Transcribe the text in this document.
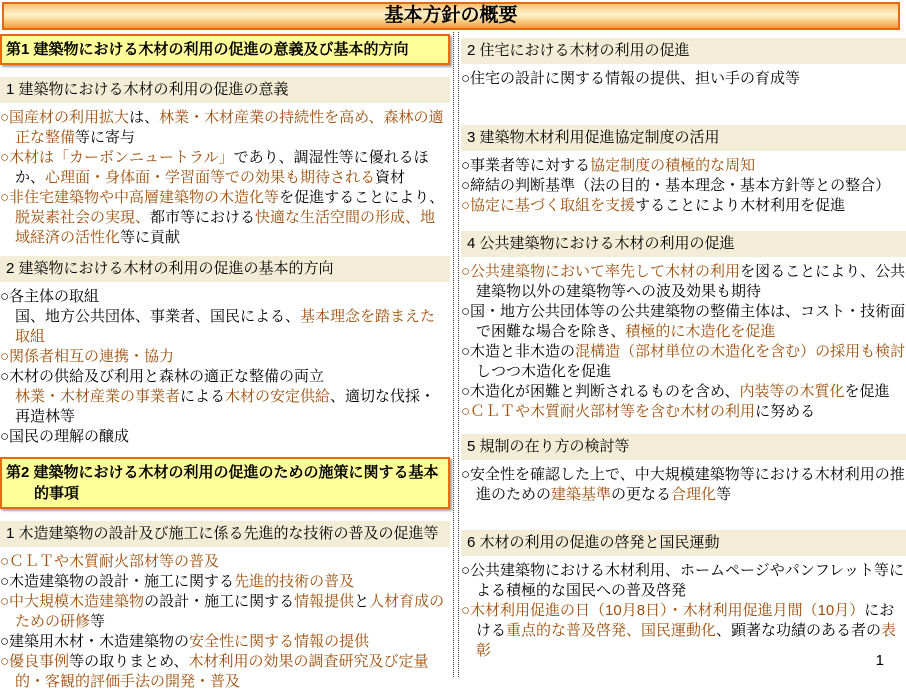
基本方針の概要
第1 建築物における木材の利用の促進の意義及び基本的方向
1 建築物における木材の利用の促進の意義
○国産材の利用拡大は、林業・木材産業の持続性を高め、森林の適正な整備等に寄与
○木材は「カーボンニュートラル」であり、調湿性等に優れるほか、心理面・身体面・学習面等での効果も期待される資材
○非住宅建築物や中高層建築物の木造化等を促進することにより、脱炭素社会の実現、都市等における快適な生活空間の形成、地域経済の活性化等に貢献
2 建築物における木材の利用の促進の基本的方向
○各主体の取組
国、地方公共団体、事業者、国民による、基本理念を踏まえた取組
○関係者相互の連携・協力
○木材の供給及び利用と森林の適正な整備の両立
林業・木材産業の事業者による木材の安定供給、適切な伐採・再造林等
○国民の理解の醸成
第2 建築物における木材の利用の促進のための施策に関する基本的事項
1 木造建築物の設計及び施工に係る先進的な技術の普及の促進等
○ＣＬＴや木質耐火部材等の普及
○木造建築物の設計・施工に関する先進的技術の普及
○中大規模木造建築物の設計・施工に関する情報提供と人材育成のための研修等
○建築用木材・木造建築物の安全性に関する情報の提供
○優良事例等の取りまとめ、木材利用の効果の調査研究及び定量的・客観的評価手法の開発・普及
2 住宅における木材の利用の促進
○住宅の設計に関する情報の提供、担い手の育成等
3 建築物木材利用促進協定制度の活用
○事業者等に対する協定制度の積極的な周知
○締結の判断基準（法の目的・基本理念・基本方針等との整合）
○協定に基づく取組を支援することにより木材利用を促進
4 公共建築物における木材の利用の促進
○公共建築物において率先して木材の利用を図ることにより、公共建築物以外の建築物等への波及効果も期待
○国・地方公共団体等の公共建築物の整備主体は、コスト・技術面で困難な場合を除き、積極的に木造化を促進
○木造と非木造の混構造（部材単位の木造化を含む）の採用も検討しつつ木造化を促進
○木造化が困難と判断されるものを含め、内装等の木質化を促進
○ＣＬＴや木質耐火部材等を含む木材の利用に努める
5 規制の在り方の検討等
○安全性を確認した上で、中大規模建築物等における木材利用の推進のための建築基準の更なる合理化等
6 木材の利用の促進の啓発と国民運動
○公共建築物における木材利用、ホームページやパンフレット等による積極的な国民への普及啓発
○木材利用促進の日（10月8日）・木材利用促進月間（10月）における重点的な普及啓発、国民運動化、顕著な功績のある者の表彰
1
